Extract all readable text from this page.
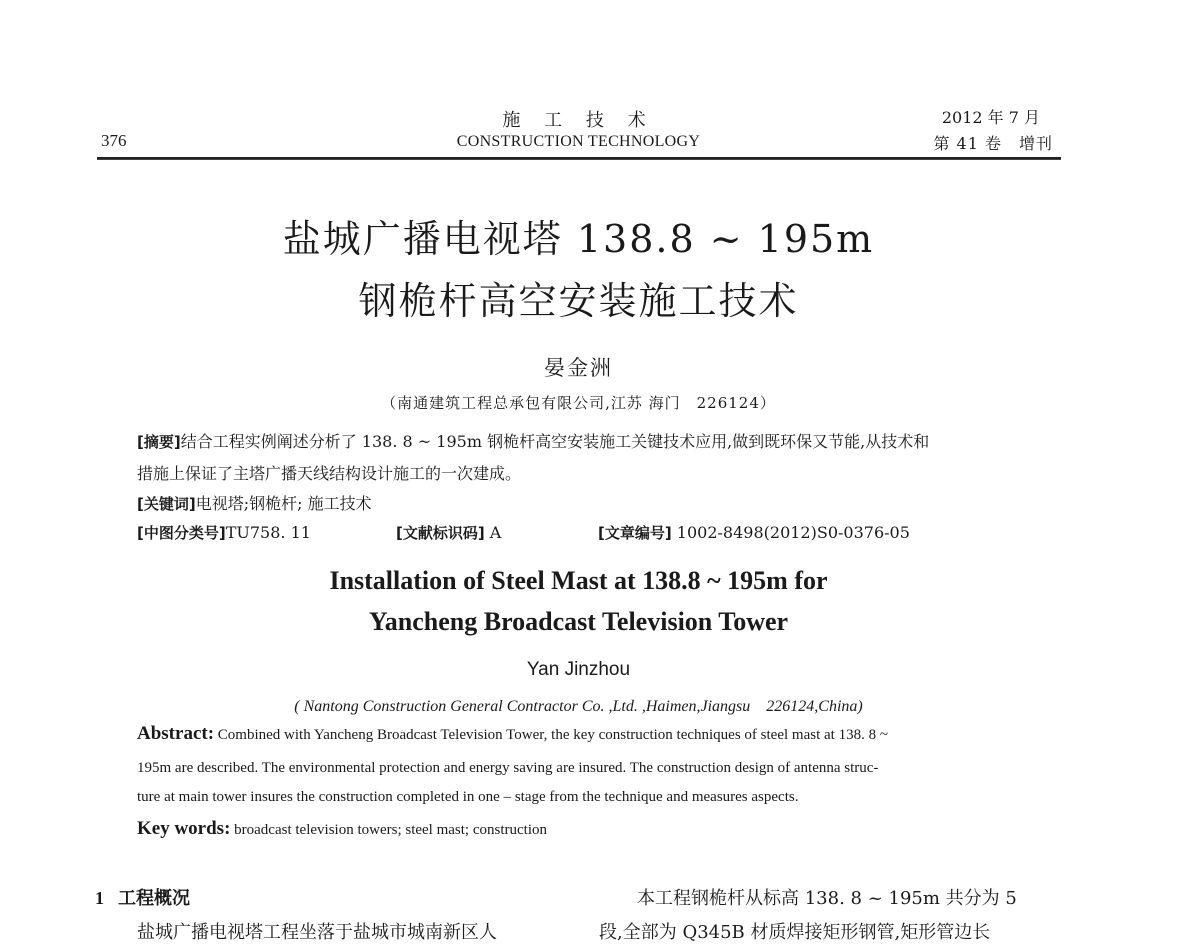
施 工 技 术
CONSTRUCTION TECHNOLOGY
376
2012 年 7 月
第 41 卷　增刊
盐城广播电视塔 138.8 ~ 195m
钢桅杆高空安装施工技术
晏金洲
（南通建筑工程总承包有限公司,江苏 海门　226124）
[摘要]结合工程实例阐述分析了 138. 8 ~ 195m 钢桅杆高空安装施工关键技术应用,做到既环保又节能,从技术和
措施上保证了主塔广播天线结构设计施工的一次建成。
[关键词]电视塔;钢桅杆; 施工技术
[中图分类号]TU758. 11	[文献标识码] A	[文章编号] 1002-8498(2012)S0-0376-05
Installation of Steel Mast at 138.8 ~ 195m for
Yancheng Broadcast Television Tower
Yan Jinzhou
( Nantong Construction General Contractor Co. ,Ltd. ,Haimen,Jiangsu　226124,China)
Abstract: Combined with Yancheng Broadcast Television Tower, the key construction techniques of steel mast at 138. 8 ~
195m are described. The environmental protection and energy saving are insured. The construction design of antenna struc-
ture at main tower insures the construction completed in one – stage from the technique and measures aspects.
Key words: broadcast television towers; steel mast; construction
1 工程概况
盐城广播电视塔工程坐落于盐城市城南新区人
本工程钢桅杆从标高 138. 8 ~ 195m 共分为 5
段,全部为 Q345B 材质焊接矩形钢管,矩形管边长
